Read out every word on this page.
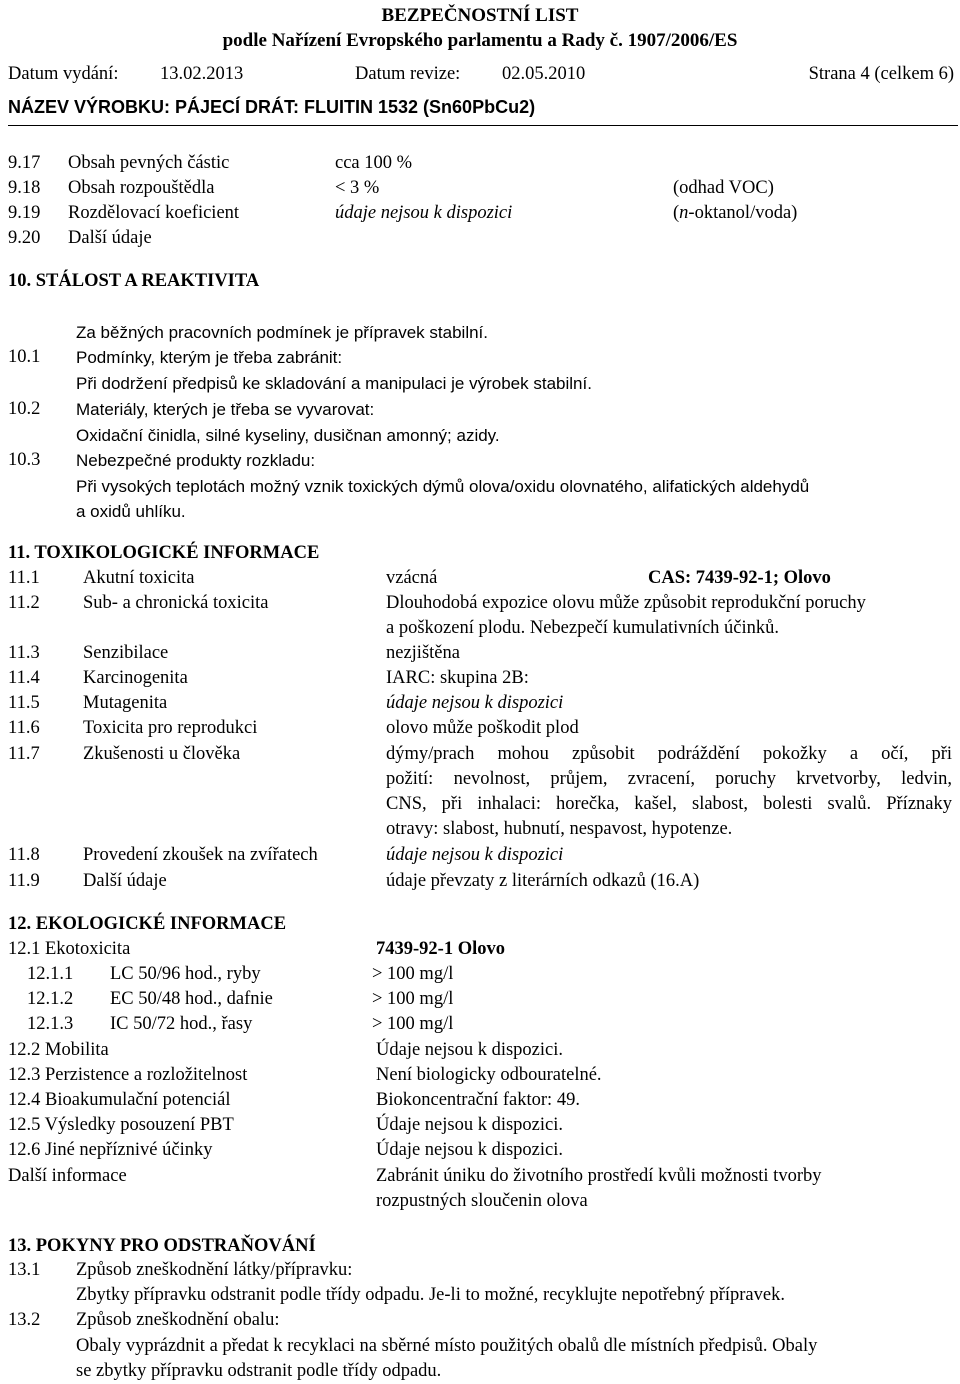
BEZPEČNOSTNÍ LIST
podle Nařízení Evropského parlamentu a Rady č. 1907/2006/ES
Datum vydání: 13.02.2013	Datum revize: 02.05.2010	Strana 4 (celkem 6)
NÁZEV VÝROBKU: PÁJECÍ DRÁT: FLUITIN 1532 (Sn60PbCu2)
9.17 Obsah pevných částic	cca 100 %
9.18 Obsah rozpouštědla	< 3 %	(odhad VOC)
9.19 Rozdělovací koeficient	údaje nejsou k dispozici	(n-oktanol/voda)
9.20 Další údaje
10. STÁLOST A REAKTIVITA
Za běžných pracovních podmínek je přípravek stabilní.
10.1 Podmínky, kterým je třeba zabránit:
Při dodržení předpisů ke skladování a manipulaci je výrobek stabilní.
10.2 Materiály, kterých je třeba se vyvarovat:
Oxidační činidla, silné kyseliny, dusičnan amonný; azidy.
10.3 Nebezpečné produkty rozkladu:
Při vysokých teplotách možný vznik toxických dýmů olova/oxidu olovnatého, alifatických aldehydů
a oxidů uhlíku.
11. TOXIKOLOGICKÉ INFORMACE
11.1 Akutní toxicita	vzácná	CAS: 7439-92-1; Olovo
11.2 Sub- a chronická toxicita	Dlouhodobá expozice olovu může způsobit reprodukční poruchy
a poškození plodu. Nebezpečí kumulativních účinků.
11.3 Senzibilace	nezjištěna
11.4 Karcinogenita	IARC: skupina 2B:
11.5 Mutagenita	údaje nejsou k dispozici
11.6 Toxicita pro reprodukci	olovo může poškodit plod
11.7 Zkušenosti u člověka	dýmy/prach mohou způsobit podráždění pokožky a očí, při
požití: nevolnost, průjem, zvracení, poruchy krvetvorby, ledvin,
CNS, při inhalaci: horečka, kašel, slabost, bolesti svalů. Příznaky
otravy: slabost, hubnutí, nespavost, hypotenze.
11.8 Provedení zkoušek na zvířatech	údaje nejsou k dispozici
11.9 Další údaje	údaje převzaty z literárních odkazů (16.A)
12. EKOLOGICKÉ INFORMACE
12.1 Ekotoxicita	7439-92-1 Olovo
12.1.1 LC 50/96 hod., ryby	> 100 mg/l
12.1.2 EC 50/48 hod., dafnie	> 100 mg/l
12.1.3 IC 50/72 hod., řasy	> 100 mg/l
12.2 Mobilita	Údaje nejsou k dispozici.
12.3 Perzistence a rozložitelnost	Není biologicky odbouratelné.
12.4 Bioakumulační potenciál	Biokoncentrační faktor: 49.
12.5 Výsledky posouzení PBT	Údaje nejsou k dispozici.
12.6 Jiné nepříznivé účinky	Údaje nejsou k dispozici.
Další informace	Zabránit úniku do životního prostředí kvůli možnosti tvorby
rozpustných sloučenin olova
13. POKYNY PRO ODSTRAŇOVÁNÍ
13.1 Způsob zneškodnění látky/přípravku:
Zbytky přípravku odstranit podle třídy odpadu. Je-li to možné, recyklujte nepotřebný přípravek.
13.2 Způsob zneškodnění obalu:
Obaly vyprázdnit a předat k recyklaci na sběrné místo použitých obalů dle místních předpisů. Obaly
se zbytky přípravku odstranit podle třídy odpadu.
